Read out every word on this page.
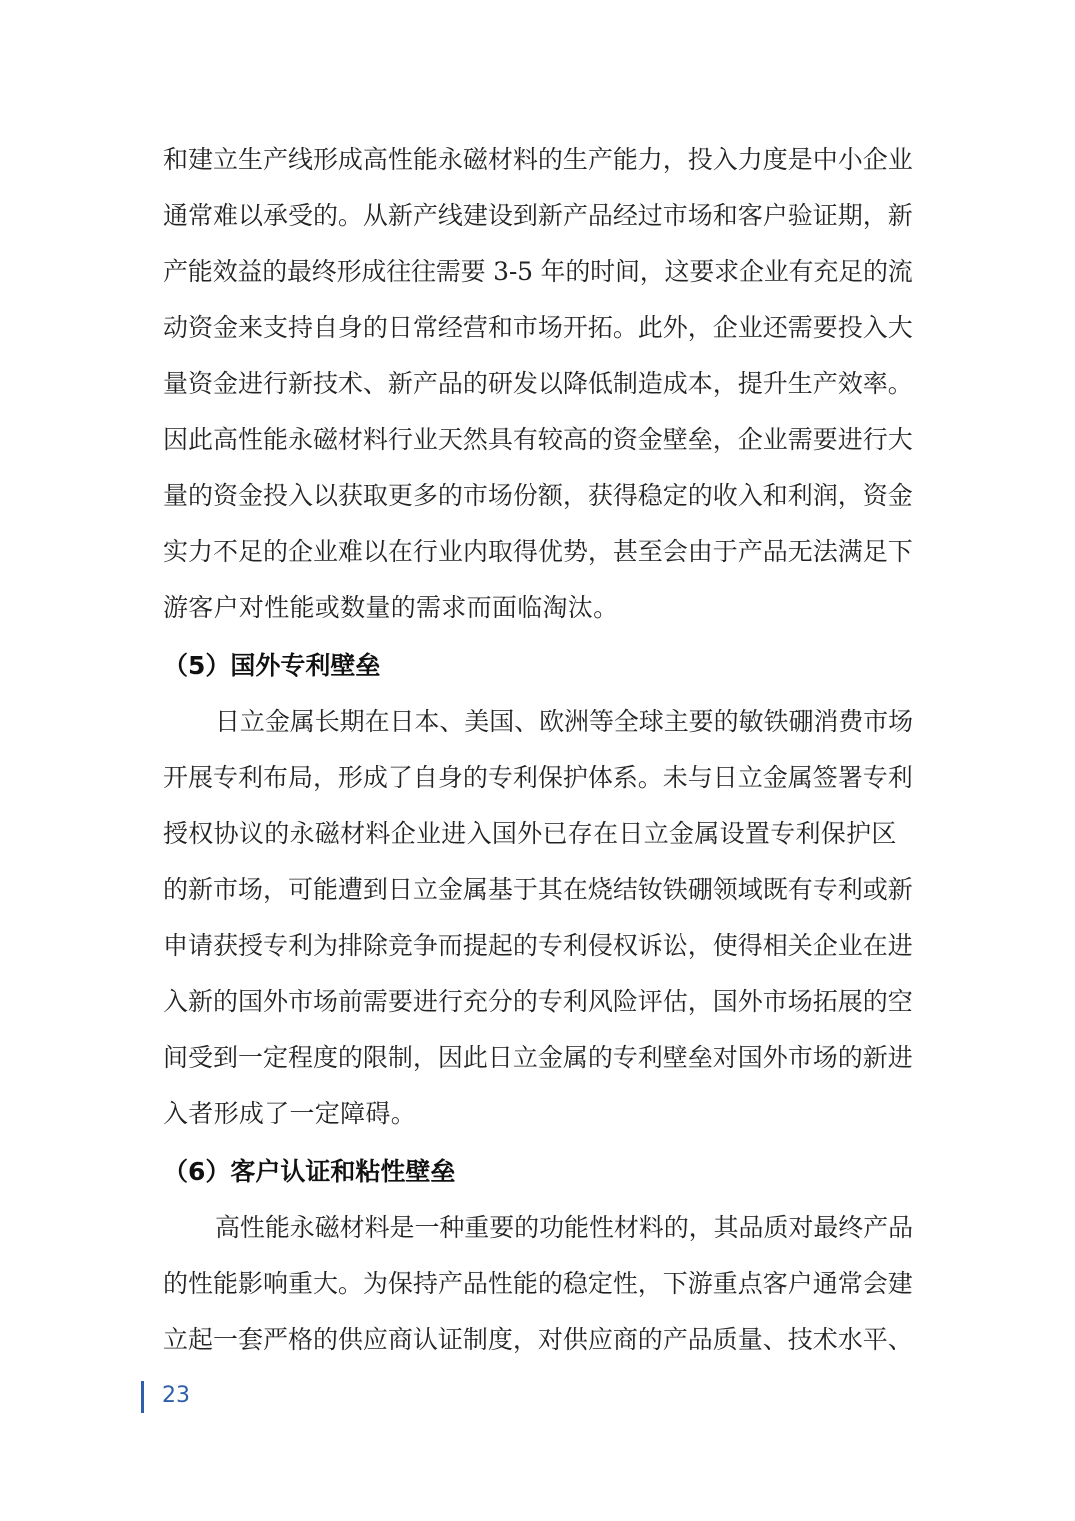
和建立生产线形成高性能永磁材料的生产能力，投入力度是中小企业
通常难以承受的。从新产线建设到新产品经过市场和客户验证期，新
产能效益的最终形成往往需要 3-5 年的时间，这要求企业有充足的流
动资金来支持自身的日常经营和市场开拓。此外，企业还需要投入大
量资金进行新技术、新产品的研发以降低制造成本，提升生产效率。
因此高性能永磁材料行业天然具有较高的资金壁垒，企业需要进行大
量的资金投入以获取更多的市场份额，获得稳定的收入和利润，资金
实力不足的企业难以在行业内取得优势，甚至会由于产品无法满足下
游客户对性能或数量的需求而面临淘汰。
（5）国外专利壁垒
日立金属长期在日本、美国、欧洲等全球主要的敏铁硼消费市场
开展专利布局，形成了自身的专利保护体系。未与日立金属签署专利
授权协议的永磁材料企业进入国外已存在日立金属设置专利保护区
的新市场，可能遭到日立金属基于其在烧结钕铁硼领域既有专利或新
申请获授专利为排除竞争而提起的专利侵权诉讼，使得相关企业在进
入新的国外市场前需要进行充分的专利风险评估，国外市场拓展的空
间受到一定程度的限制，因此日立金属的专利壁垒对国外市场的新进
入者形成了一定障碍。
（6）客户认证和粘性壁垒
高性能永磁材料是一种重要的功能性材料的，其品质对最终产品
的性能影响重大。为保持产品性能的稳定性，下游重点客户通常会建
立起一套严格的供应商认证制度，对供应商的产品质量、技术水平、
23
